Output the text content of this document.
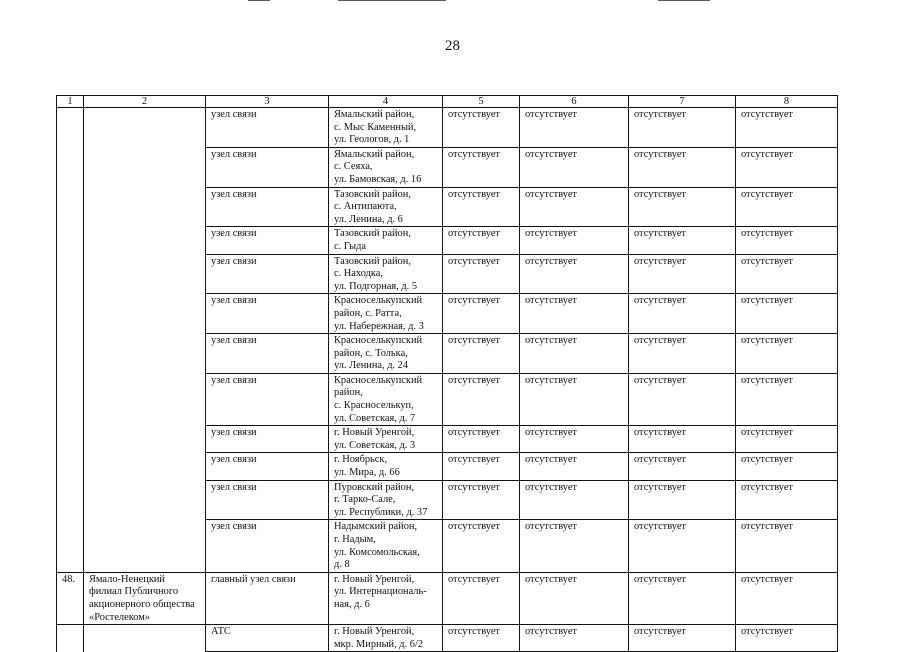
28
1	2	3	4	5	6	7	8

		узел связи	Ямальский район,
с. Мыс Каменный,
ул. Геологов, д. 1	отсутствует	отсутствует	отсутствует	отсутствует

		узел связи	Ямальский район,
с. Сеяха,
ул. Бамовская, д. 16	отсутствует	отсутствует	отсутствует	отсутствует

		узел связи	Тазовский район,
с. Антипаюта,
ул. Ленина, д. 6	отсутствует	отсутствует	отсутствует	отсутствует

		узел связи	Тазовский район,
с. Гыда	отсутствует	отсутствует	отсутствует	отсутствует

		узел связи	Тазовский район,
с. Находка,
ул. Подгорная, д. 5	отсутствует	отсутствует	отсутствует	отсутствует

		узел связи	Красноселькупский
район, с. Ратта,
ул. Набережная, д. 3	отсутствует	отсутствует	отсутствует	отсутствует

		узел связи	Красноселькупский
район, с. Толька,
ул. Ленина, д. 24	отсутствует	отсутствует	отсутствует	отсутствует

		узел связи	Красноселькупский
район,
с. Красноселькуп,
ул. Советская, д. 7	отсутствует	отсутствует	отсутствует	отсутствует

		узел связи	г. Новый Уренгой,
ул. Советская, д. 3	отсутствует	отсутствует	отсутствует	отсутствует

		узел связи	г. Ноябрьск,
ул. Мира, д. 66	отсутствует	отсутствует	отсутствует	отсутствует

		узел связи	Пуровский район,
г. Тарко-Сале,
ул. Республики, д. 37	отсутствует	отсутствует	отсутствует	отсутствует

		узел связи	Надымский район,
г. Надым,
ул. Комсомольская,
д. 8	отсутствует	отсутствует	отсутствует	отсутствует

48.	Ямало-Ненецкий
филиал Публичного
акционерного общества
«Ростелеком»	главный узел связи	г. Новый Уренгой,
ул. Интернациональ-
ная, д. 6	отсутствует	отсутствует	отсутствует	отсутствует

		АТС	г. Новый Уренгой,
мкр. Мирный, д. 6/2	отсутствует	отсутствует	отсутствует	отсутствует
